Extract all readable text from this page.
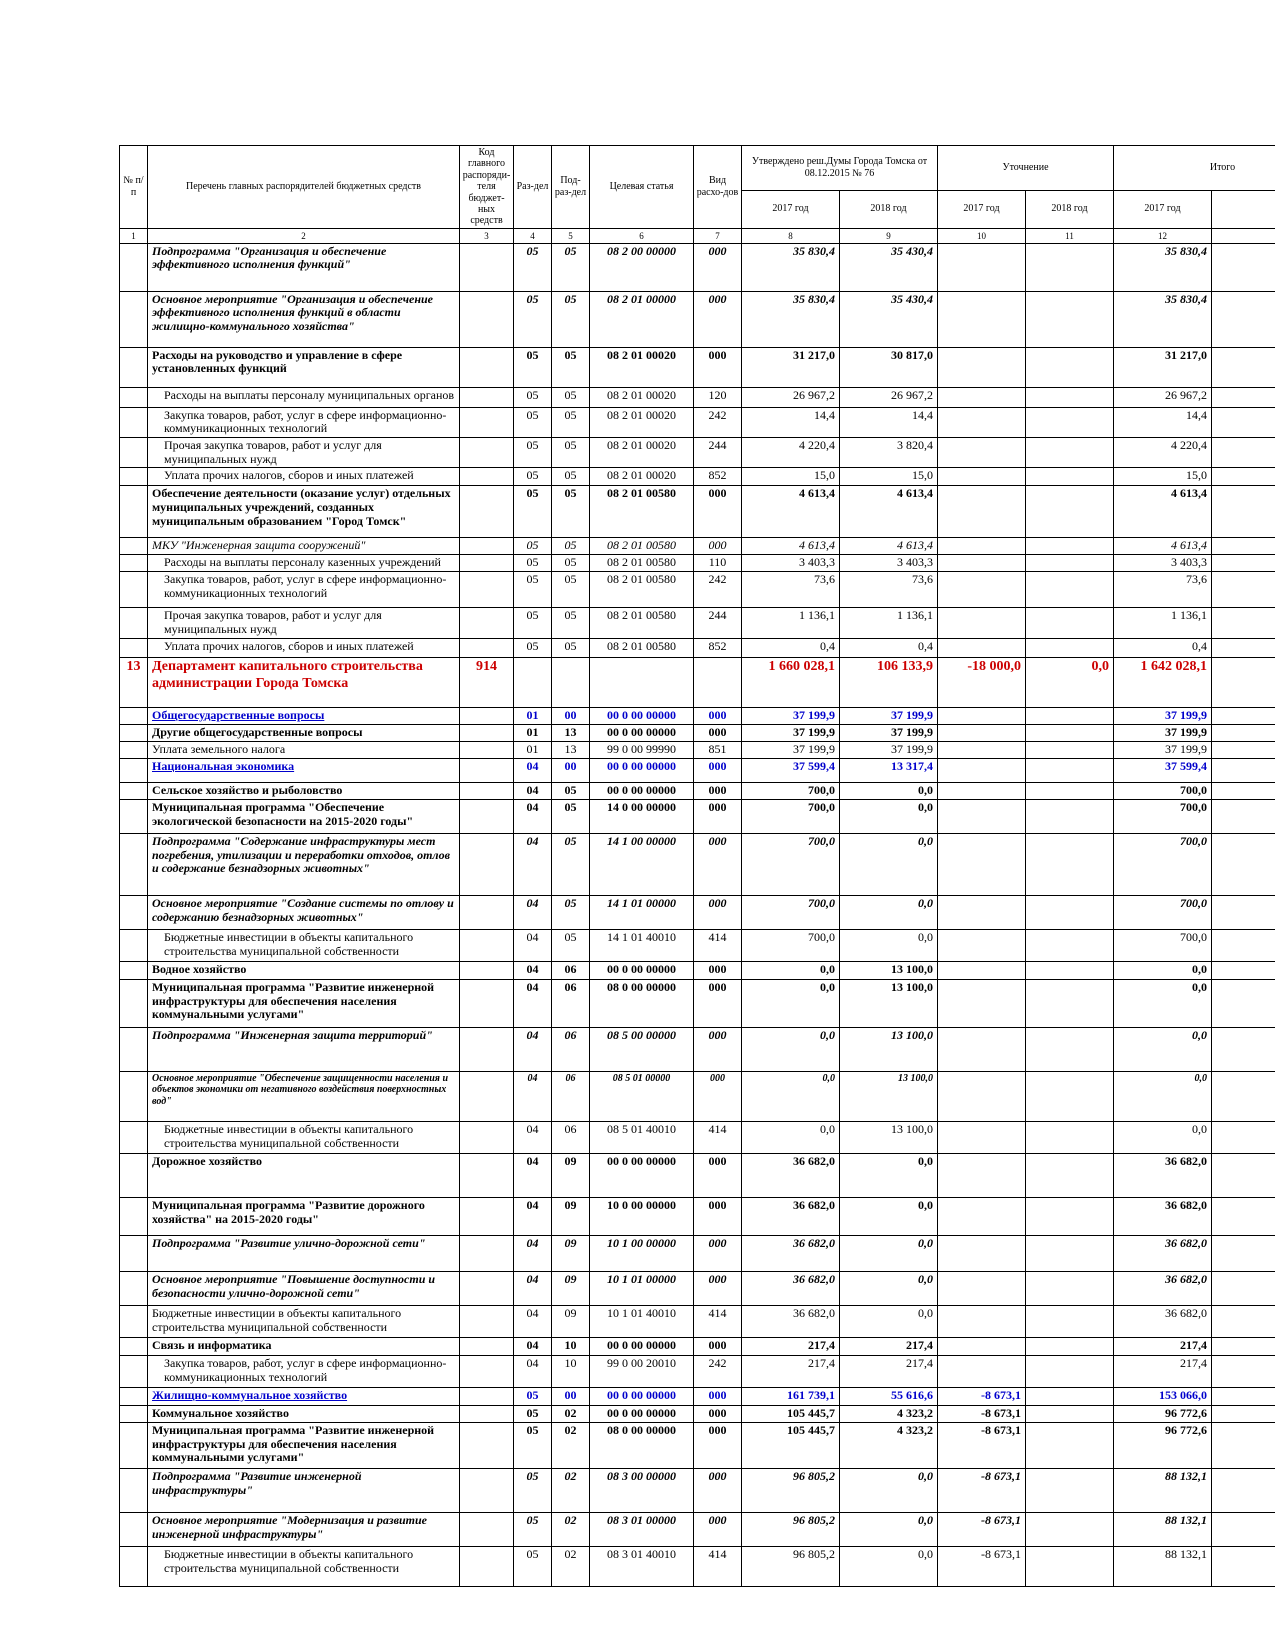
№ п/п	Перечень главных распорядителей бюджетных средств	Код главного распоряди-теля бюджет-ных средств	Раз-дел	Под-раз-дел	Целевая статья	Вид расхо-дов	Утверждено реш.Думы Города Томска от 08.12.2015 № 76		Уточнение		Итого	
							2017 год	2018 год	2017 год	2018 год	2017 год	
1	2	3	4	5	6	7	8	9	10	11	12	
	Подпрограмма "Организация и обеспечение эффективного исполнения функций"		05	05	08 2 00 00000	000	35 830,4	35 430,4			35 830,4	
	Основное мероприятие "Организация и обеспечение эффективного исполнения функций в области жилищно-коммунального хозяйства"		05	05	08 2 01 00000	000	35 830,4	35 430,4			35 830,4	
	Расходы на руководство и управление в сфере установленных функций		05	05	08 2 01 00020	000	31 217,0	30 817,0			31 217,0	
	Расходы на выплаты персоналу муниципальных органов		05	05	08 2 01 00020	120	26 967,2	26 967,2			26 967,2	
	Закупка товаров, работ, услуг в сфере информационно-коммуникационных технологий		05	05	08 2 01 00020	242	14,4	14,4			14,4	
	Прочая закупка товаров, работ и услуг для муниципальных нужд		05	05	08 2 01 00020	244	4 220,4	3 820,4			4 220,4	
	Уплата прочих налогов, сборов и иных платежей		05	05	08 2 01 00020	852	15,0	15,0			15,0	
	Обеспечение деятельности (оказание услуг) отдельных муниципальных учреждений, созданных муниципальным образованием "Город Томск"		05	05	08 2 01 00580	000	4 613,4	4 613,4			4 613,4	
	МКУ "Инженерная защита сооружений"		05	05	08 2 01 00580	000	4 613,4	4 613,4			4 613,4	
	Расходы на выплаты персоналу казенных учреждений		05	05	08 2 01 00580	110	3 403,3	3 403,3			3 403,3	
	Закупка товаров, работ, услуг в сфере информационно-коммуникационных технологий		05	05	08 2 01 00580	242	73,6	73,6			73,6	
	Прочая закупка товаров, работ и услуг для муниципальных нужд		05	05	08 2 01 00580	244	1 136,1	1 136,1			1 136,1	
	Уплата прочих налогов, сборов и иных платежей		05	05	08 2 01 00580	852	0,4	0,4			0,4	
13	Департамент капитального строительства администрации Города Томска	914					1 660 028,1	106 133,9	-18 000,0	0,0	1 642 028,1	
	Общегосударственные вопросы		01	00	00 0 00 00000	000	37 199,9	37 199,9			37 199,9	
	Другие общегосударственные вопросы		01	13	00 0 00 00000	000	37 199,9	37 199,9			37 199,9	
	Уплата земельного налога		01	13	99 0 00 99990	851	37 199,9	37 199,9			37 199,9	
	Национальная экономика		04	00	00 0 00 00000	000	37 599,4	13 317,4			37 599,4	
	Сельское хозяйство и рыболовство		04	05	00 0 00 00000	000	700,0	0,0			700,0	
	Муниципальная программа "Обеспечение экологической безопасности на 2015-2020 годы"		04	05	14 0 00 00000	000	700,0	0,0			700,0	
	Подпрограмма "Содержание инфраструктуры мест погребения, утилизации и переработки отходов, отлов и содержание безнадзорных животных"		04	05	14 1 00 00000	000	700,0	0,0			700,0	
	Основное мероприятие "Создание системы по отлову и содержанию безнадзорных животных"		04	05	14 1 01 00000	000	700,0	0,0			700,0	
	Бюджетные инвестиции в объекты капитального строительства муниципальной собственности		04	05	14 1 01 40010	414	700,0	0,0			700,0	
	Водное хозяйство		04	06	00 0 00 00000	000	0,0	13 100,0			0,0	
	Муниципальная программа "Развитие инженерной инфраструктуры для обеспечения населения коммунальными услугами"		04	06	08 0 00 00000	000	0,0	13 100,0			0,0	
	Подпрограмма "Инженерная защита территорий"		04	06	08 5 00 00000	000	0,0	13 100,0			0,0	
	Основное мероприятие "Обеспечение защищенности населения и объектов экономики от негативного воздействия поверхностных вод"		04	06	08 5 01 00000	000	0,0	13 100,0			0,0	
	Бюджетные инвестиции в объекты капитального строительства муниципальной собственности		04	06	08 5 01 40010	414	0,0	13 100,0			0,0	
	Дорожное хозяйство		04	09	00 0 00 00000	000	36 682,0	0,0			36 682,0	
	Муниципальная программа "Развитие дорожного хозяйства" на 2015-2020 годы"		04	09	10 0 00 00000	000	36 682,0	0,0			36 682,0	
	Подпрограмма "Развитие улично-дорожной сети"		04	09	10 1 00 00000	000	36 682,0	0,0			36 682,0	
	Основное мероприятие "Повышение доступности и безопасности улично-дорожной сети"		04	09	10 1 01 00000	000	36 682,0	0,0			36 682,0	
	Бюджетные инвестиции в объекты капитального строительства муниципальной собственности		04	09	10 1 01 40010	414	36 682,0	0,0			36 682,0	
	Связь и информатика		04	10	00 0 00 00000	000	217,4	217,4			217,4	
	Закупка товаров, работ, услуг в сфере информационно-коммуникационных технологий		04	10	99 0 00 20010	242	217,4	217,4			217,4	
	Жилищно-коммунальное хозяйство		05	00	00 0 00 00000	000	161 739,1	55 616,6	-8 673,1		153 066,0	
	Коммунальное хозяйство		05	02	00 0 00 00000	000	105 445,7	4 323,2	-8 673,1		96 772,6	
	Муниципальная программа "Развитие инженерной инфраструктуры для обеспечения населения коммунальными услугами"		05	02	08 0 00 00000	000	105 445,7	4 323,2	-8 673,1		96 772,6	
	Подпрограмма "Развитие инженерной инфраструктуры"		05	02	08 3 00 00000	000	96 805,2	0,0	-8 673,1		88 132,1	
	Основное мероприятие "Модернизация и развитие инженерной инфраструктуры"		05	02	08 3 01 00000	000	96 805,2	0,0	-8 673,1		88 132,1	
	Бюджетные инвестиции в объекты капитального строительства муниципальной собственности		05	02	08 3 01 40010	414	96 805,2	0,0	-8 673,1		88 132,1	
